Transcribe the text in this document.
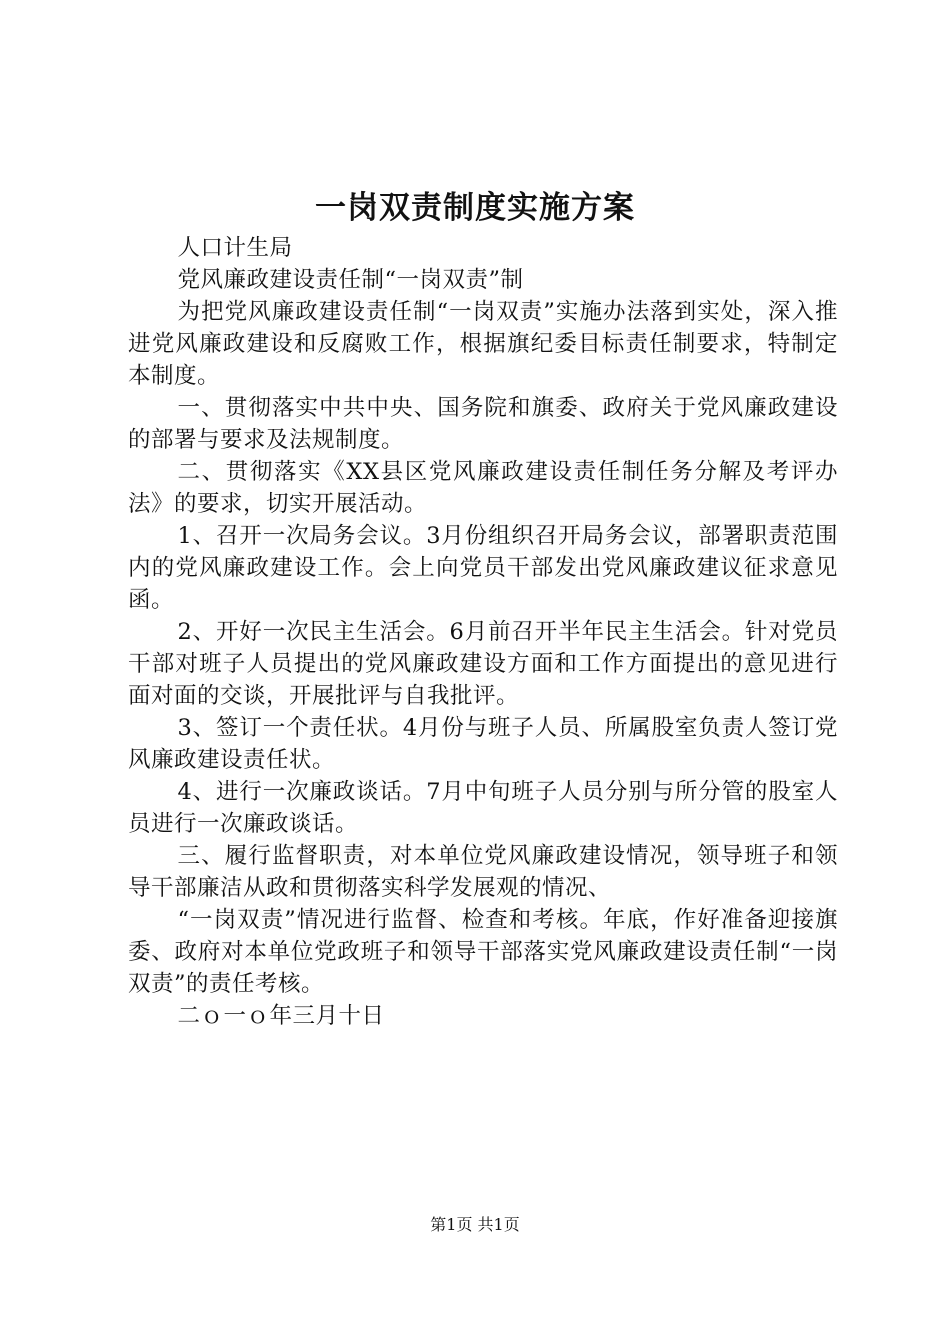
一岗双责制度实施方案

人口计生局

党风廉政建设责任制“一岗双责”制

为把党风廉政建设责任制“一岗双责”实施办法落到实处，深入推进党风廉政建设和反腐败工作，根据旗纪委目标责任制要求，特制定本制度。

一、贯彻落实中共中央、国务院和旗委、政府关于党风廉政建设的部署与要求及法规制度。

二、贯彻落实《XX县区党风廉政建设责任制任务分解及考评办法》的要求，切实开展活动。

1、召开一次局务会议。3月份组织召开局务会议，部署职责范围内的党风廉政建设工作。会上向党员干部发出党风廉政建议征求意见函。

2、开好一次民主生活会。6月前召开半年民主生活会。针对党员干部对班子人员提出的党风廉政建设方面和工作方面提出的意见进行面对面的交谈，开展批评与自我批评。

3、签订一个责任状。4月份与班子人员、所属股室负责人签订党风廉政建设责任状。

4、进行一次廉政谈话。7月中旬班子人员分别与所分管的股室人员进行一次廉政谈话。

三、履行监督职责，对本单位党风廉政建设情况，领导班子和领导干部廉洁从政和贯彻落实科学发展观的情况、

“一岗双责”情况进行监督、检查和考核。年底，作好准备迎接旗委、政府对本单位党政班子和领导干部落实党风廉政建设责任制“一岗双责”的责任考核。

二ｏ一ｏ年三月十日

第1页 共1页
